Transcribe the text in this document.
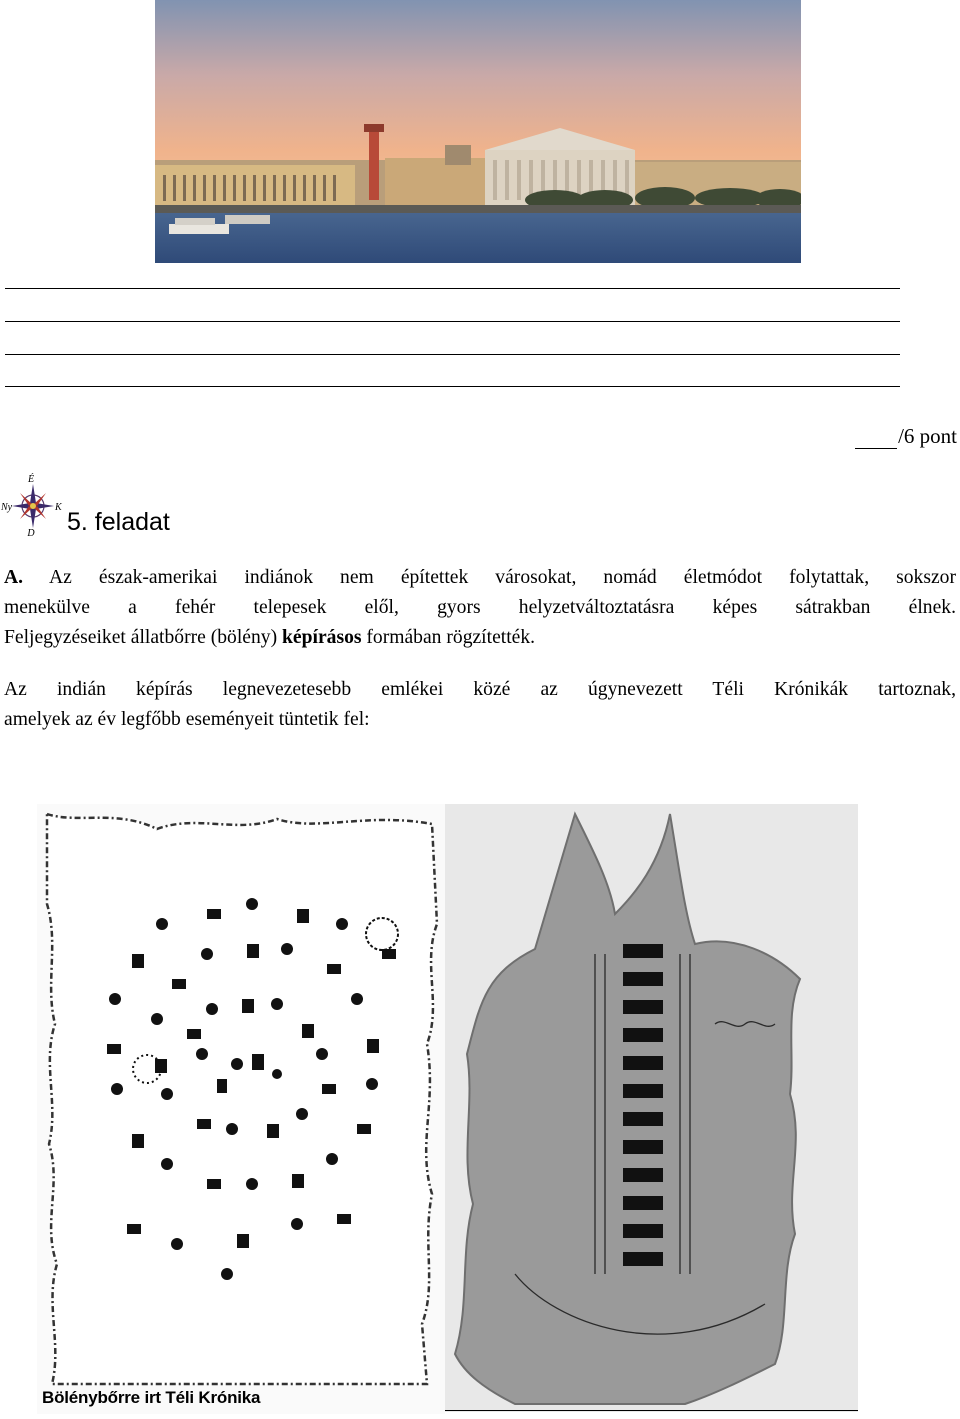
/6 pont
É
Ny	K
D 5. feladat
A. Az észak-amerikai indiánok nem építettek városokat, nomád életmódot folytattak, sokszor
menekülve a fehér telepesek elől, gyors helyzetváltoztatásra képes sátrakban élnek.
Feljegyzéseiket állatbőrre (bölény) képírásos formában rögzítették.
Az indián képírás legnevezetesebb emlékei közé az úgynevezett Téli Krónikák tartoznak,
amelyek az év legfőbb eseményeit tüntetik fel:
Bölénybőrre irt Téli Krónika
